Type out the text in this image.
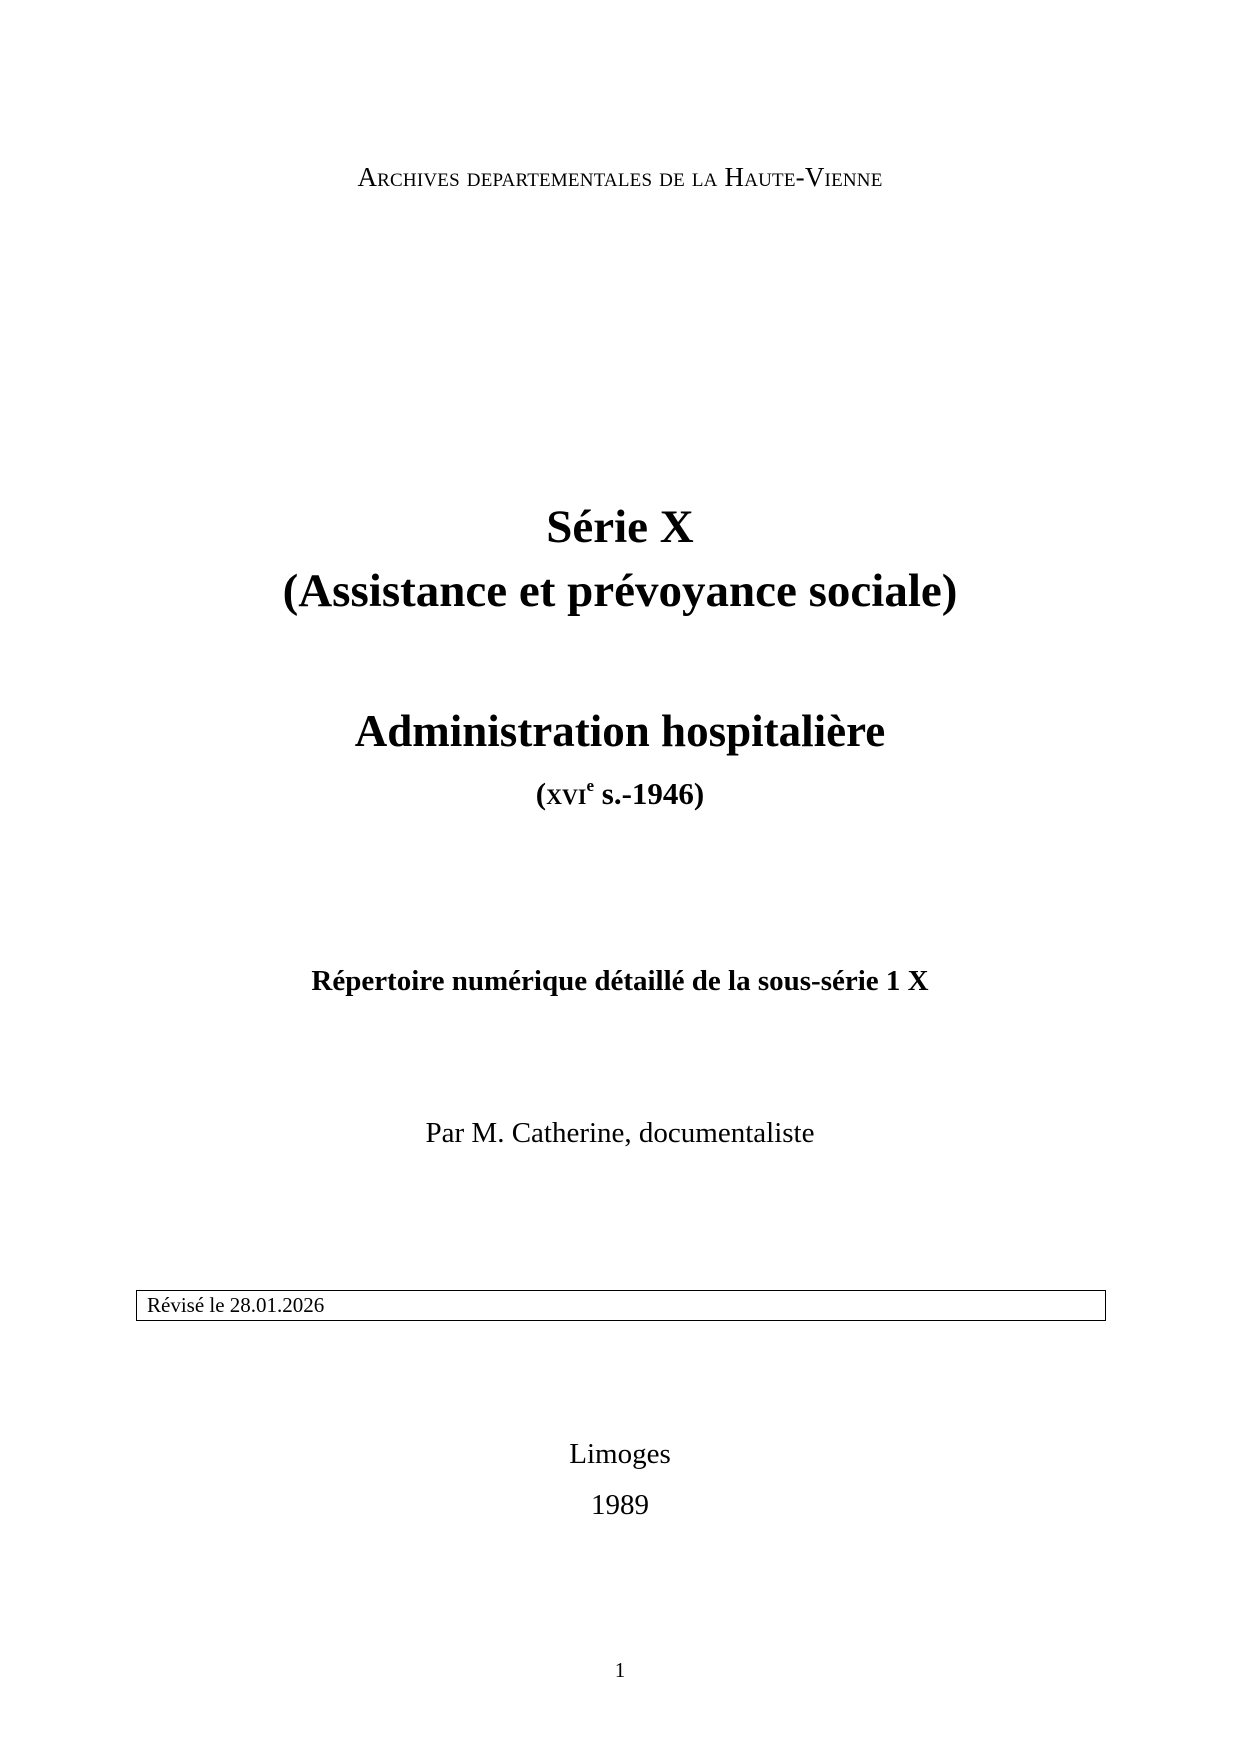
Archives departementales de la Haute-Vienne
Série X
(Assistance et prévoyance sociale)
Administration hospitalière
(xvi$^e$ s.-1946)
Répertoire numérique détaillé de la sous-série 1 X
Par M. Catherine, documentaliste
Révisé le 28.01.2026
Limoges
1989
1
